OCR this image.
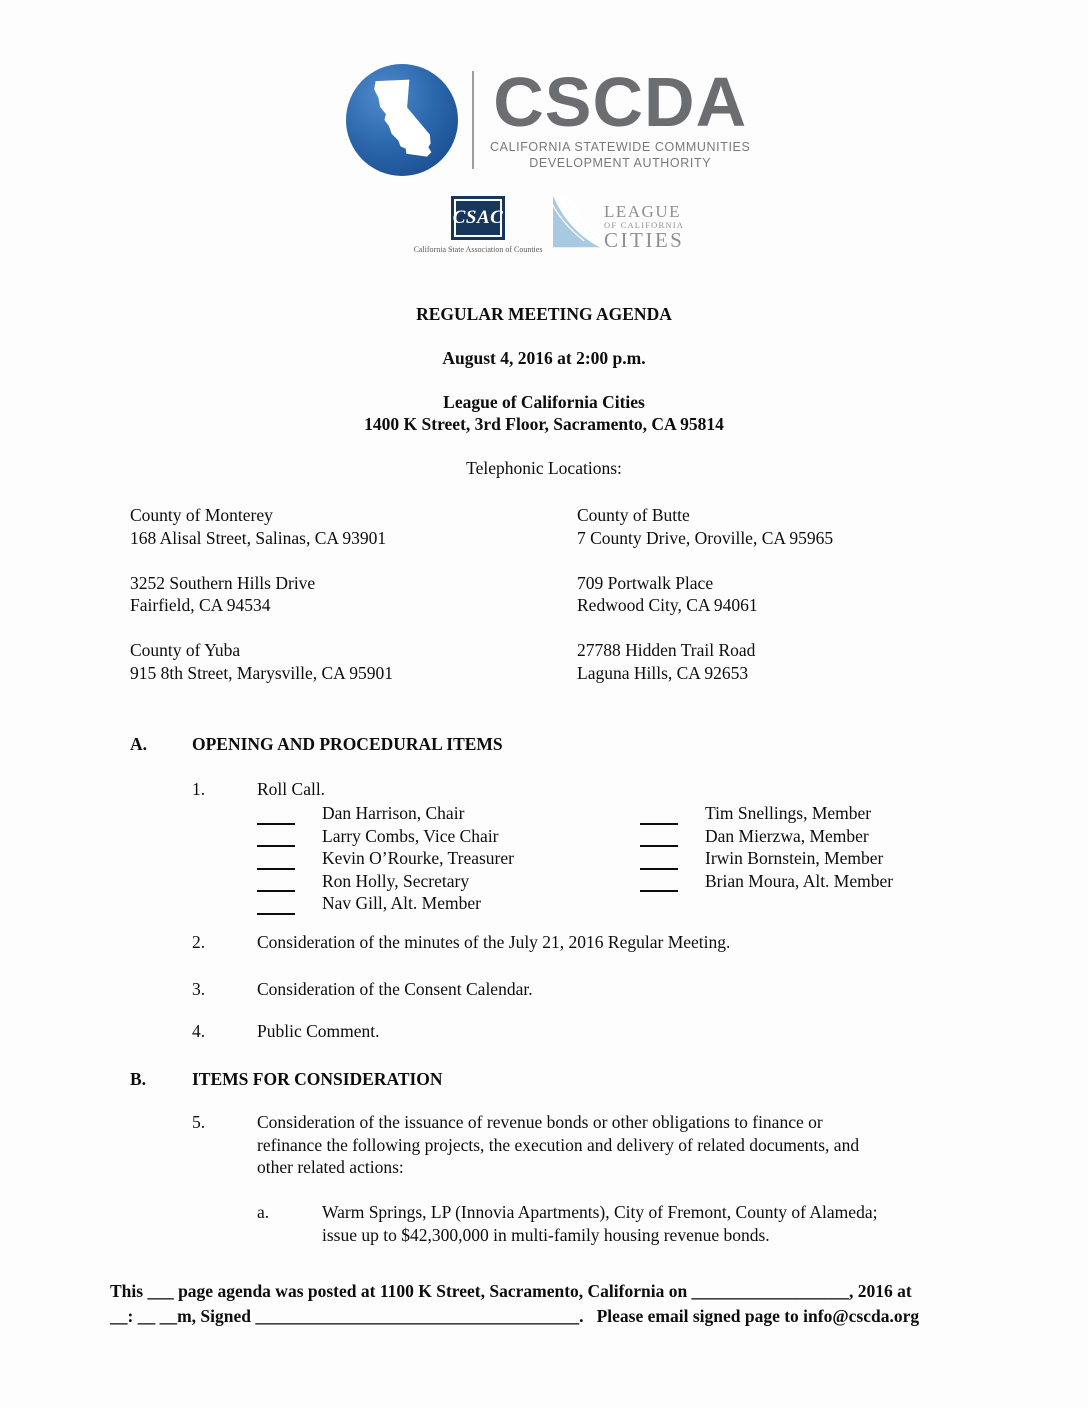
CSCDA
CALIFORNIA STATEWIDE COMMUNITIES
DEVELOPMENT AUTHORITY
CSAC
California State Association of Counties
LEAGUE
OF CALIFORNIA
CITIES
REGULAR MEETING AGENDA
August 4, 2016 at 2:00 p.m.
League of California Cities
1400 K Street, 3rd Floor, Sacramento, CA 95814
Telephonic Locations:
County of Monterey
168 Alisal Street, Salinas, CA 93901
County of Butte
7 County Drive, Oroville, CA 95965
3252 Southern Hills Drive
Fairfield, CA 94534
709 Portwalk Place
Redwood City, CA 94061
County of Yuba
915 8th Street, Marysville, CA 95901
27788 Hidden Trail Road
Laguna Hills, CA 92653
A.	OPENING AND PROCEDURAL ITEMS
1.	Roll Call.
Dan Harrison, Chair
Larry Combs, Vice Chair
Kevin O’Rourke, Treasurer
Ron Holly, Secretary
Nav Gill, Alt. Member
Tim Snellings, Member
Dan Mierzwa, Member
Irwin Bornstein, Member
Brian Moura, Alt. Member
2.	Consideration of the minutes of the July 21, 2016 Regular Meeting.
3.	Consideration of the Consent Calendar.
4.	Public Comment.
B.	ITEMS FOR CONSIDERATION
5.	Consideration of the issuance of revenue bonds or other obligations to finance or
refinance the following projects, the execution and delivery of related documents, and
other related actions:
a.	Warm Springs, LP (Innovia Apartments), City of Fremont, County of Alameda;
issue up to $42,300,000 in multi-family housing revenue bonds.
This ___ page agenda was posted at 1100 K Street, Sacramento, California on __________________, 2016 at
__: __ __m, Signed _____________________________________.   Please email signed page to info@cscda.org
